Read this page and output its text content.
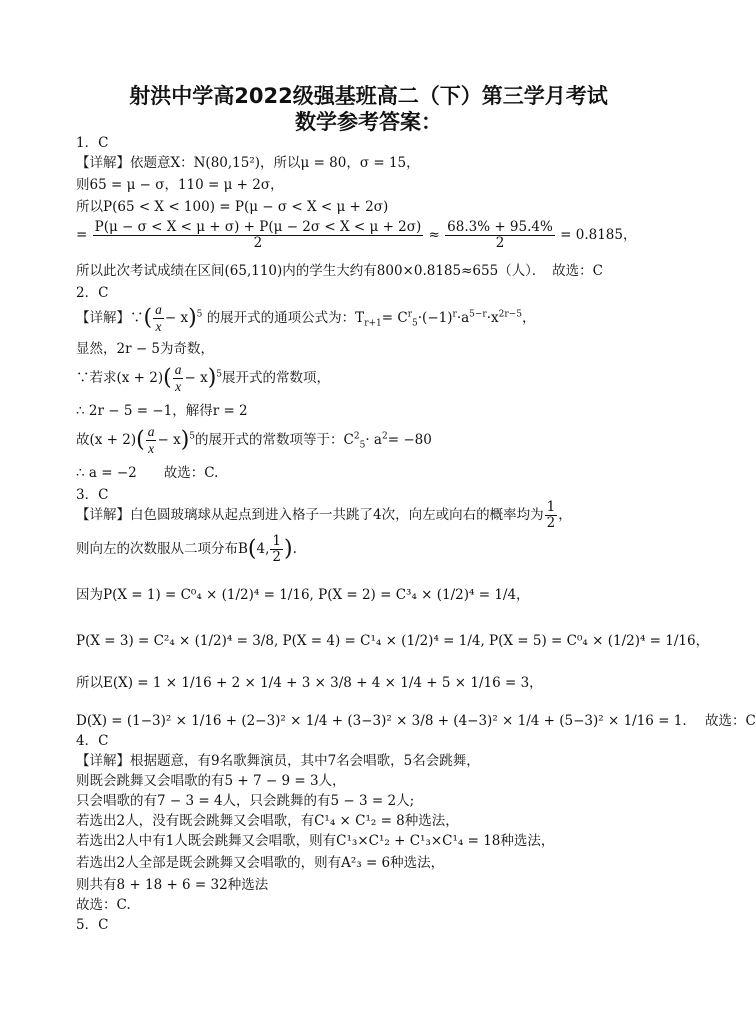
射洪中学高2022级强基班高二（下）第三学月考试
数学参考答案：
1．C
【详解】依题意X：N(80,15²)，所以μ = 80，σ = 15，
则65 = μ − σ，110 = μ + 2σ，
所以P(65 < X < 100) = P(μ − σ < X < μ + 2σ)
= $\frac{P(\mu - \sigma < X < \mu + \sigma) + P(\mu - 2\sigma < X < \mu + 2\sigma)}{2} \approx \frac{68.3\% + 95.4\%}{2} = 0.8185$，
所以此次考试成绩在区间(65,110)内的学生大约有800×0.8185≈655（人）．　故选：C
2．C
【详解】∵( $\frac{a}{x} - x)^5$ 的展开式的通项公式为：$T_{r+1}= C^r_5\cdot(-1)^r\cdot a^{5-r}\cdot x^{2r-5}$，
显然，2r − 5为奇数，
∵若求$(x + 2)( \frac{a}{x} - x)^5$展开式的常数项，
∴ 2r − 5 = −1，解得r = 2
故$(x + 2)( \frac{a}{x} - x)^5$的展开式的常数项等于：$C^2_5\cdot a^2= -80$
∴ a = −2　　故选：C.
3．C
【详解】白色圆玻璃球从起点到进入格子一共跳了4次，向左或向右的概率均为 $\frac{1}{2}$ ，
则向左的次数服从二项分布B(4, $\frac{1}{2}$ ).
因为P(X = 1) = C⁰₄ × (1/2)⁴ = 1/16, P(X = 2) = C³₄ × (1/2)⁴ = 1/4，
P(X = 3) = C²₄ × (1/2)⁴ = 3/8, P(X = 4) = C¹₄ × (1/2)⁴ = 1/4, P(X = 5) = C⁰₄ × (1/2)⁴ = 1/16，
所以E(X) = 1 × 1/16 + 2 × 1/4 + 3 × 3/8 + 4 × 1/4 + 5 × 1/16 = 3，
D(X) = (1−3)² × 1/16 + (2−3)² × 1/4 + (3−3)² × 3/8 + (4−3)² × 1/4 + (5−3)² × 1/16 = 1. 故选：C
4．C
【详解】根据题意，有9名歌舞演员，其中7名会唱歌，5名会跳舞，
则既会跳舞又会唱歌的有5 + 7 − 9 = 3人，
只会唱歌的有7 − 3 = 4人，只会跳舞的有5 − 3 = 2人;
若选出2人，没有既会跳舞又会唱歌，有C¹₄ × C¹₂ = 8种选法，
若选出2人中有1人既会跳舞又会唱歌，则有C¹₃×C¹₂ + C¹₃×C¹₄ = 18种选法，
若选出2人全部是既会跳舞又会唱歌的，则有A²₃ = 6种选法，
则共有8 + 18 + 6 = 32种选法
故选：C.
5．C
